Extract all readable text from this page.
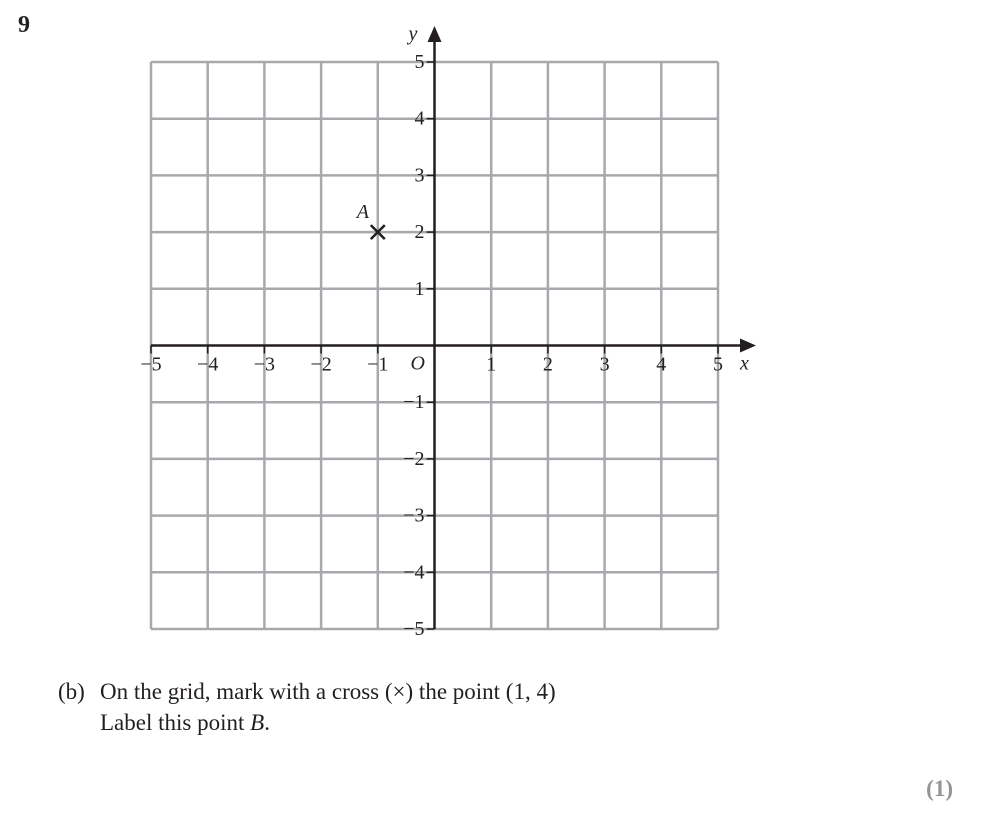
9
x
y
O
−5 −4 −3 −2 −1	1 2 3 4 5
5
4
3
2
1
−1
−2
−3
−4
−5
A
(b) On the grid, mark with a cross (×) the point (1, 4)
Label this point B.
(1)
